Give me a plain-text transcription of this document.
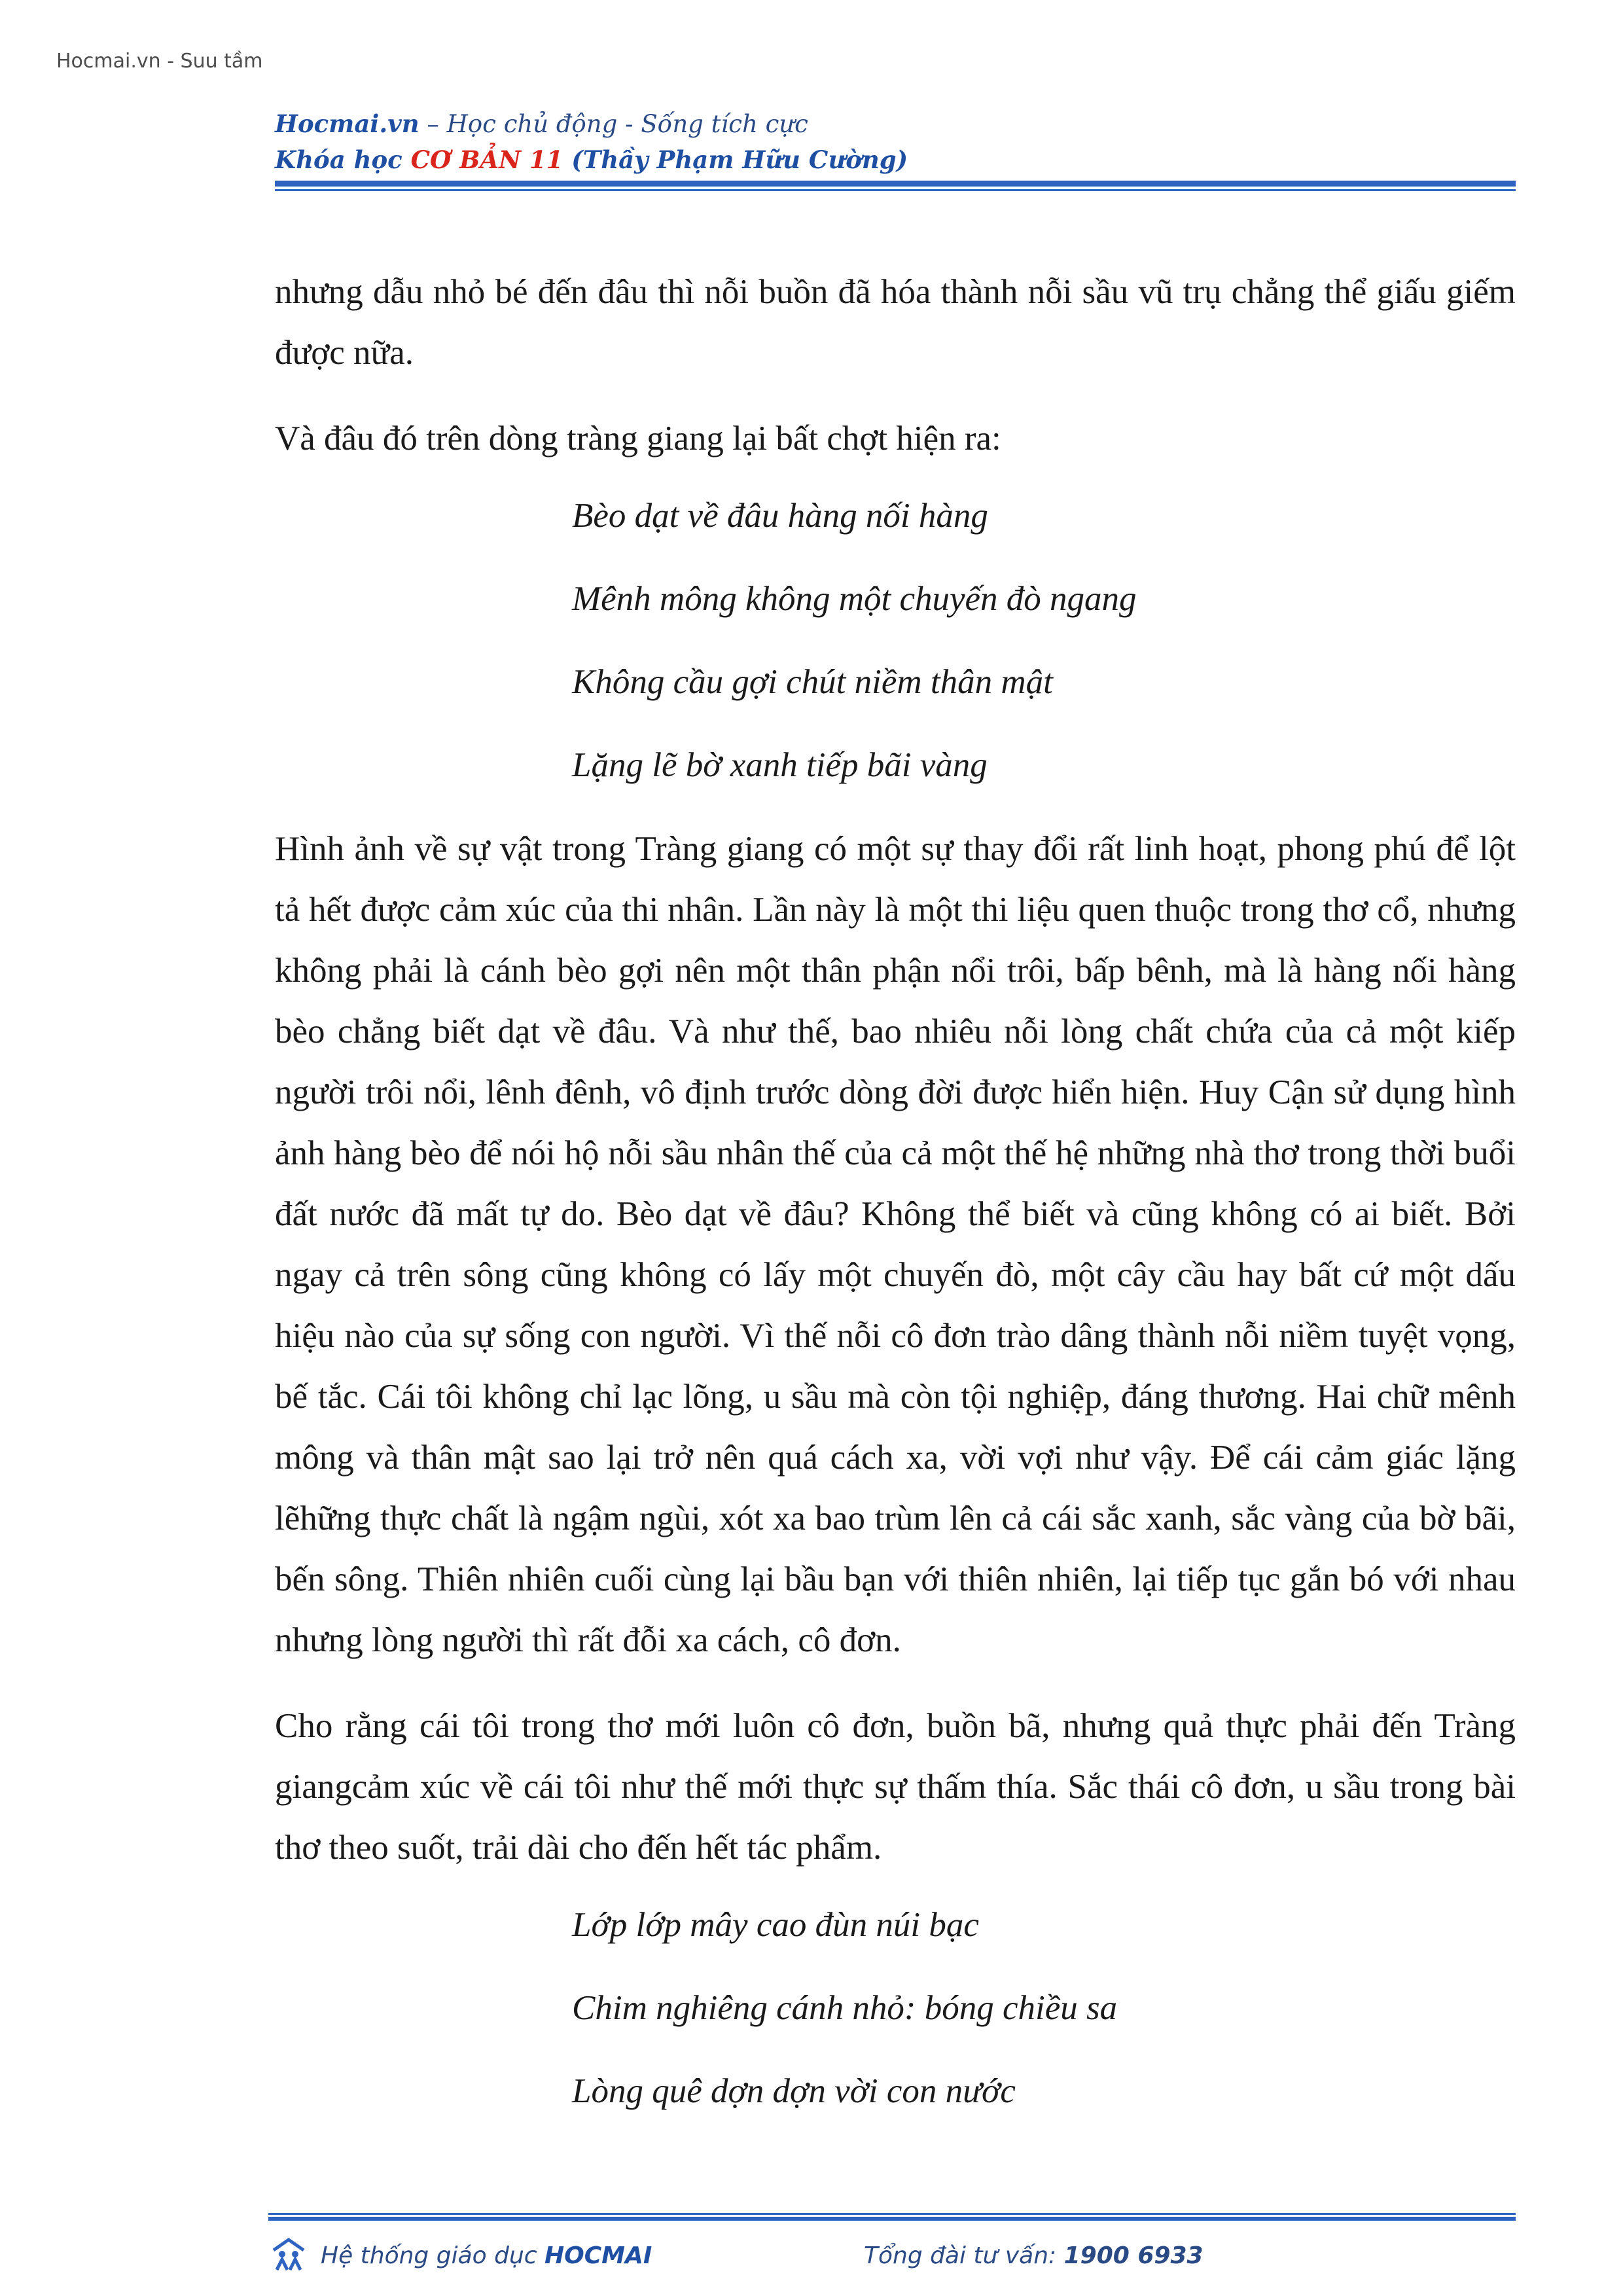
Hocmai.vn - Suu tầm
Hocmai.vn – Học chủ động - Sống tích cực
Khóa học CƠ BẢN 11 (Thầy Phạm Hữu Cường)

nhưng dẫu nhỏ bé đến đâu thì nỗi buồn đã hóa thành nỗi sầu vũ trụ chẳng thể giấu giếm được nữa.

Và đâu đó trên dòng tràng giang lại bất chợt hiện ra:

Bèo dạt về đâu hàng nối hàng
Mênh mông không một chuyến đò ngang
Không cầu gợi chút niềm thân mật
Lặng lẽ bờ xanh tiếp bãi vàng

Hình ảnh về sự vật trong Tràng giang có một sự thay đổi rất linh hoạt, phong phú để lột tả hết được cảm xúc của thi nhân. Lần này là một thi liệu quen thuộc trong thơ cổ, nhưng không phải là cánh bèo gợi nên một thân phận nổi trôi, bấp bênh, mà là hàng nối hàng bèo chẳng biết dạt về đâu. Và như thế, bao nhiêu nỗi lòng chất chứa của cả một kiếp người trôi nổi, lênh đênh, vô định trước dòng đời được hiển hiện. Huy Cận sử dụng hình ảnh hàng bèo để nói hộ nỗi sầu nhân thế của cả một thế hệ những nhà thơ trong thời buổi đất nước đã mất tự do. Bèo dạt về đâu? Không thể biết và cũng không có ai biết. Bởi ngay cả trên sông cũng không có lấy một chuyến đò, một cây cầu hay bất cứ một dấu hiệu nào của sự sống con người. Vì thế nỗi cô đơn trào dâng thành nỗi niềm tuyệt vọng, bế tắc. Cái tôi không chỉ lạc lõng, u sầu mà còn tội nghiệp, đáng thương. Hai chữ mênh mông và thân mật sao lại trở nên quá cách xa, vời vợi như vậy. Để cái cảm giác lặng lẽhững thực chất là ngậm ngùi, xót xa bao trùm lên cả cái sắc xanh, sắc vàng của bờ bãi, bến sông. Thiên nhiên cuối cùng lại bầu bạn với thiên nhiên, lại tiếp tục gắn bó với nhau nhưng lòng người thì rất đỗi xa cách, cô đơn.

Cho rằng cái tôi trong thơ mới luôn cô đơn, buồn bã, nhưng quả thực phải đến Tràng giangcảm xúc về cái tôi như thế mới thực sự thấm thía. Sắc thái cô đơn, u sầu trong bài thơ theo suốt, trải dài cho đến hết tác phẩm.

Lớp lớp mây cao đùn núi bạc
Chim nghiêng cánh nhỏ: bóng chiều sa
Lòng quê dợn dợn vời con nước
Hệ thống giáo dục HOCMAI	Tổng đài tư vấn: 1900 6933
